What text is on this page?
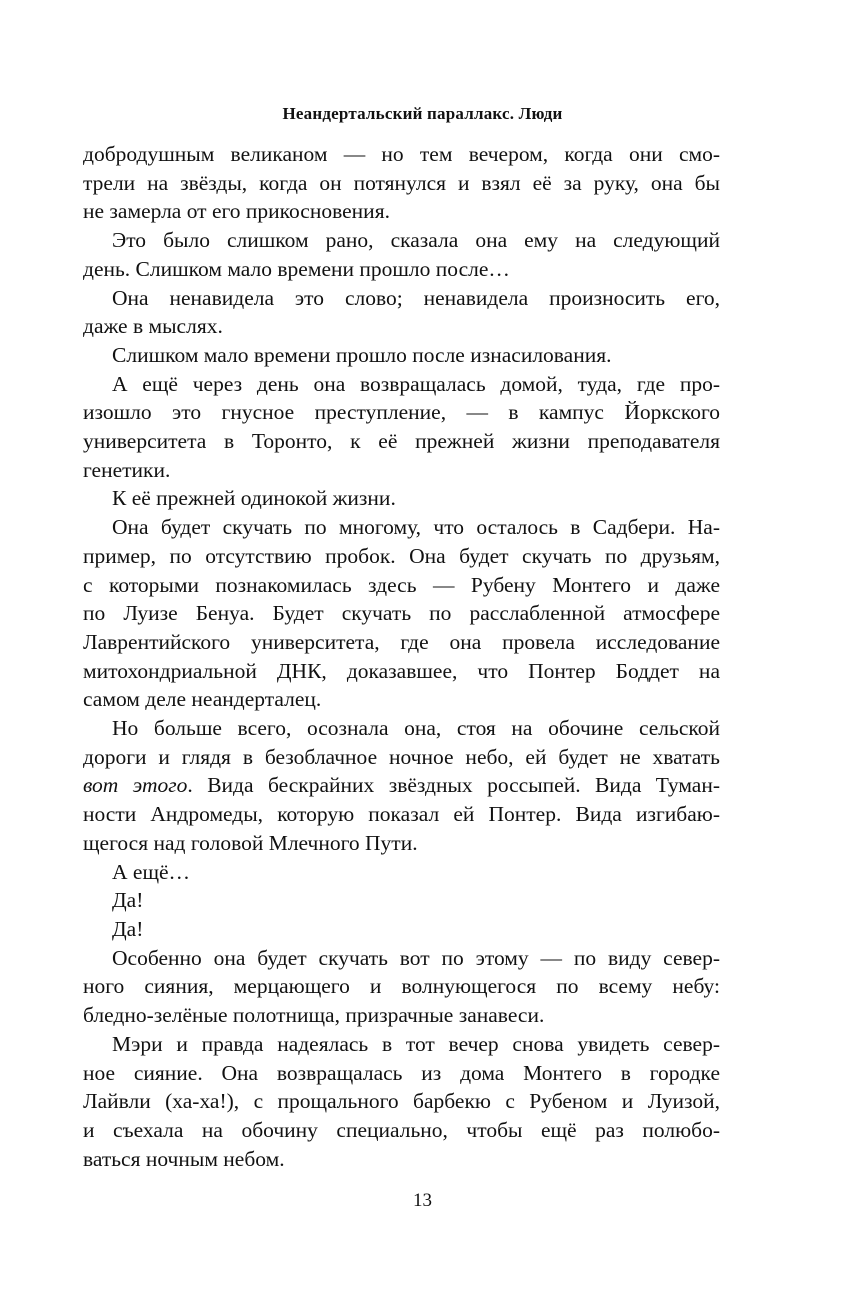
Неандертальский параллакс. Люди
добродушным великаном — но тем вечером, когда они смо-
трели на звёзды, когда он потянулся и взял её за руку, она бы
не замерла от его прикосновения.
Это было слишком рано, сказала она ему на следующий
день. Слишком мало времени прошло после…
Она ненавидела это слово; ненавидела произносить его,
даже в мыслях.
Слишком мало времени прошло после изнасилования.
А ещё через день она возвращалась домой, туда, где про-
изошло это гнусное преступление, — в кампус Йоркского
университета в Торонто, к её прежней жизни преподавателя
генетики.
К её прежней одинокой жизни.
Она будет скучать по многому, что осталось в Садбери. На-
пример, по отсутствию пробок. Она будет скучать по друзьям,
с которыми познакомилась здесь — Рубену Монтего и даже
по Луизе Бенуа. Будет скучать по расслабленной атмосфере
Лаврентийского университета, где она провела исследование
митохондриальной ДНК, доказавшее, что Понтер Боддет на
самом деле неандерталец.
Но больше всего, осознала она, стоя на обочине сельской
дороги и глядя в безоблачное ночное небо, ей будет не хватать
вот этого. Вида бескрайних звёздных россыпей. Вида Туман-
ности Андромеды, которую показал ей Понтер. Вида изгибаю-
щегося над головой Млечного Пути.
А ещё…
Да!
Да!
Особенно она будет скучать вот по этому — по виду север-
ного сияния, мерцающего и волнующегося по всему небу:
бледно-зелёные полотнища, призрачные занавеси.
Мэри и правда надеялась в тот вечер снова увидеть север-
ное сияние. Она возвращалась из дома Монтего в городке
Лайвли (ха-ха!), с прощального барбекю с Рубеном и Луизой,
и съехала на обочину специально, чтобы ещё раз полюбо-
ваться ночным небом.
13
